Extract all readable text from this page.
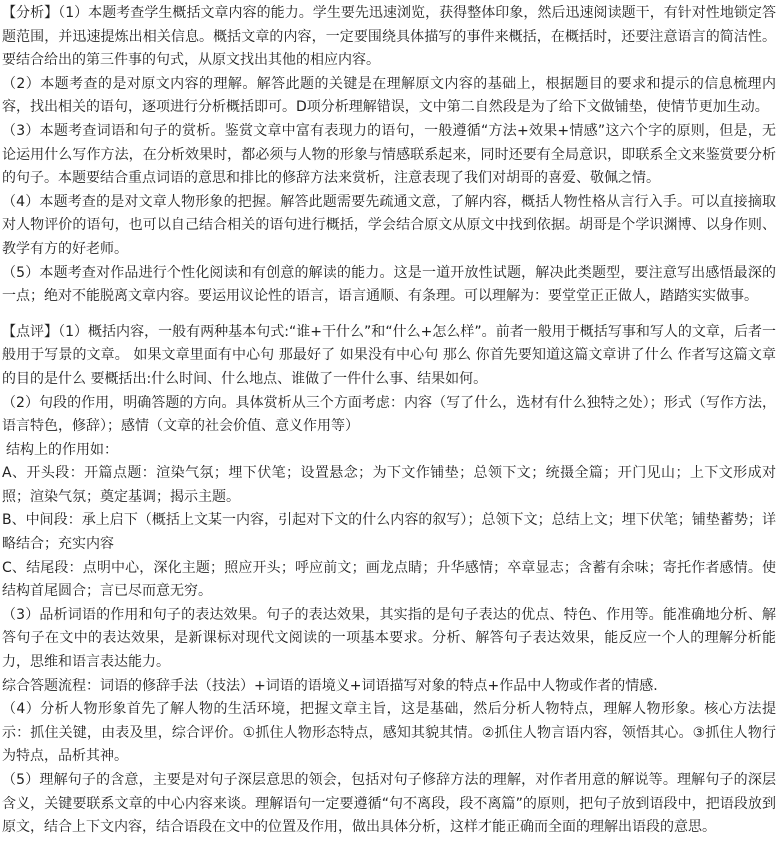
【分析】（1）本题考查学生概括文章内容的能力。学生要先迅速浏览，获得整体印象，然后迅速阅读题干，有针对性地锁定答题范围，并迅速提炼出相关信息。概括文章的内容，一定要围绕具体描写的事件来概括，在概括时，还要注意语言的简洁性。要结合给出的第三件事的句式，从原文找出其他的相应内容。

（2）本题考查的是对原文内容的理解。解答此题的关键是在理解原文内容的基础上，根据题目的要求和提示的信息梳理内容，找出相关的语句，逐项进行分析概括即可。D项分析理解错误，文中第二自然段是为了给下文做铺垫，使情节更加生动。

（3）本题考查词语和句子的赏析。鉴赏文章中富有表现力的语句，一般遵循“方法+效果+情感”这六个字的原则，但是，无论运用什么写作方法，在分析效果时，都必须与人物的形象与情感联系起来，同时还要有全局意识，即联系全文来鉴赏要分析的句子。本题要结合重点词语的意思和排比的修辞方法来赏析，注意表现了我们对胡哥的喜爱、敬佩之情。

（4）本题考查的是对文章人物形象的把握。解答此题需要先疏通文意，了解内容，概括人物性格从言行入手。可以直接摘取对人物评价的语句，也可以自己结合相关的语句进行概括，学会结合原文从原文中找到依据。胡哥是个学识渊博、以身作则、教学有方的好老师。

（5）本题考查对作品进行个性化阅读和有创意的解读的能力。这是一道开放性试题，解决此类题型，要注意写出感悟最深的一点；绝对不能脱离文章内容。要运用议论性的语言，语言通顺、有条理。可以理解为：要堂堂正正做人，踏踏实实做事。

【点评】（1）概括内容，一般有两种基本句式:“谁+干什么”和“什么+怎么样”。前者一般用于概括写事和写人的文章，后者一般用于写景的文章。 如果文章里面有中心句 那最好了 如果没有中心句 那么 你首先要知道这篇文章讲了什么 作者写这篇文章的目的是什么 要概括出:什么时间、什么地点、谁做了一件什么事、结果如何。

（2）句段的作用，明确答题的方向。具体赏析从三个方面考虑：内容（写了什么，选材有什么独特之处）；形式（写作方法，语言特色，修辞）；感情（文章的社会价值、意义作用等）

结构上的作用如：

A、开头段：开篇点题：渲染气氛；埋下伏笔；设置悬念；为下文作铺垫；总领下文；统摄全篇；开门见山；上下文形成对照；渲染气氛；奠定基调；揭示主题。

B、中间段：承上启下（概括上文某一内容，引起对下文的什么内容的叙写）；总领下文；总结上文；埋下伏笔；铺垫蓄势；详略结合；充实内容

C、结尾段：点明中心，深化主题；照应开头；呼应前文；画龙点睛；升华感情；卒章显志；含蓄有余味；寄托作者感情。使结构首尾圆合；言已尽而意无穷。

（3）品析词语的作用和句子的表达效果。句子的表达效果，其实指的是句子表达的优点、特色、作用等。能准确地分析、解答句子在文中的表达效果，是新课标对现代文阅读的一项基本要求。分析、解答句子表达效果，能反应一个人的理解分析能力，思维和语言表达能力。

综合答题流程：词语的修辞手法（技法）+词语的语境义+词语描写对象的特点+作品中人物或作者的情感.

（4）分析人物形象首先了解人物的生活环境，把握文章主旨，这是基础，然后分析人物特点，理解人物形象。核心方法提示：抓住关键，由表及里，综合评价。①抓住人物形态特点，感知其貌其情。②抓住人物言语内容，领悟其心。③抓住人物行为特点，品析其神。

（5）理解句子的含意，主要是对句子深层意思的领会，包括对句子修辞方法的理解，对作者用意的解说等。理解句子的深层含义，关键要联系文章的中心内容来谈。理解语句一定要遵循“句不离段，段不离篇”的原则，把句子放到语段中，把语段放到原文，结合上下文内容，结合语段在文中的位置及作用，做出具体分析，这样才能正确而全面的理解出语段的意思。
